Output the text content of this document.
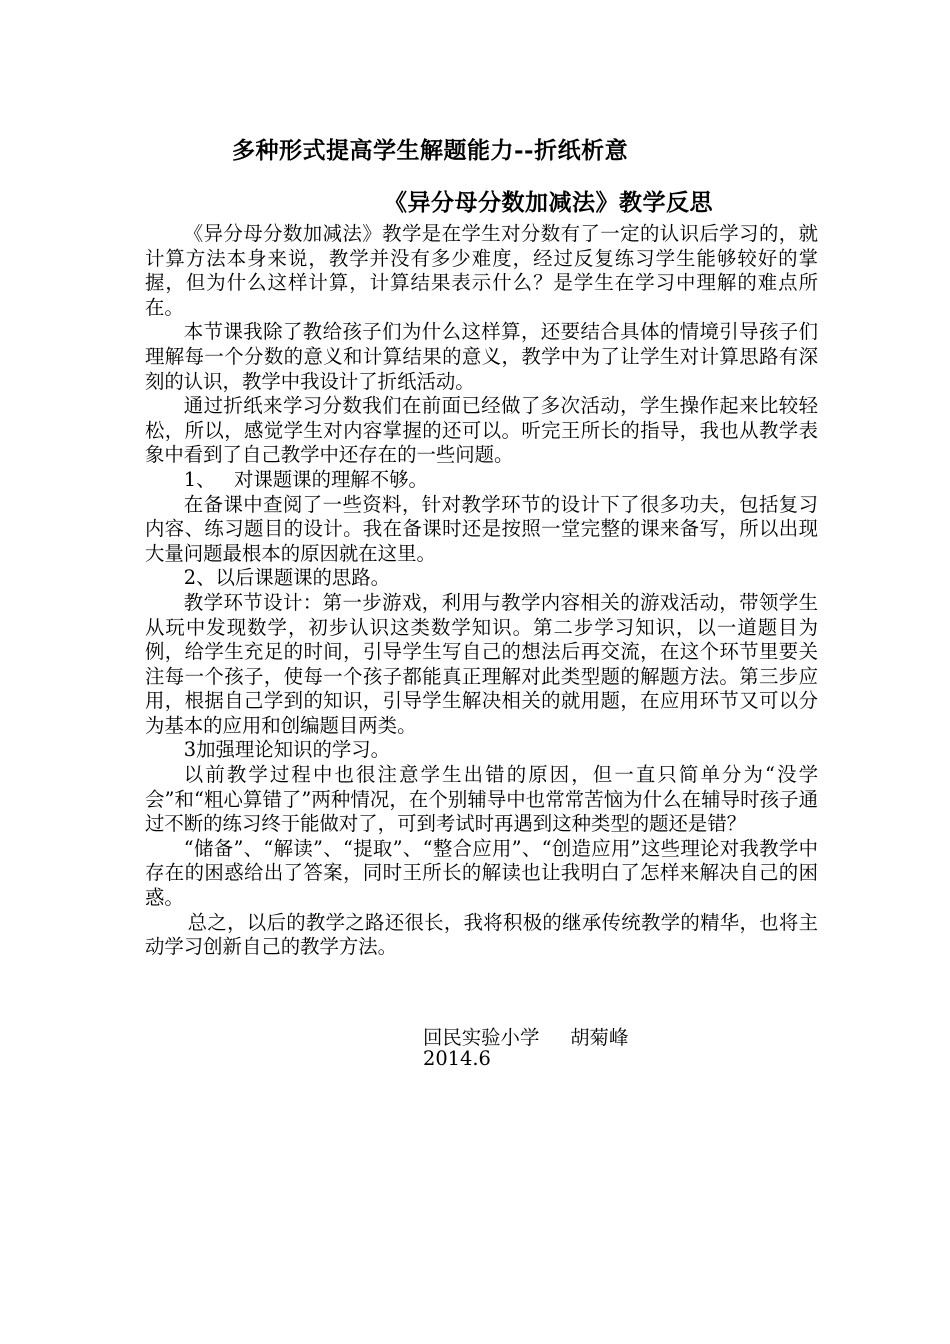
多种形式提高学生解题能力--折纸析意
《异分母分数加减法》教学反思

《异分母分数加减法》教学是在学生对分数有了一定的认识后学习的，就计算方法本身来说，教学并没有多少难度，经过反复练习学生能够较好的掌握，但为什么这样计算，计算结果表示什么？是学生在学习中理解的难点所在。

本节课我除了教给孩子们为什么这样算，还要结合具体的情境引导孩子们理解每一个分数的意义和计算结果的意义，教学中为了让学生对计算思路有深刻的认识，教学中我设计了折纸活动。

通过折纸来学习分数我们在前面已经做了多次活动，学生操作起来比较轻松，所以，感觉学生对内容掌握的还可以。听完王所长的指导，我也从教学表象中看到了自己教学中还存在的一些问题。

1、   对课题课的理解不够。

在备课中查阅了一些资料，针对教学环节的设计下了很多功夫，包括复习内容、练习题目的设计。我在备课时还是按照一堂完整的课来备写，所以出现大量问题最根本的原因就在这里。

2、以后课题课的思路。

教学环节设计：第一步游戏，利用与教学内容相关的游戏活动，带领学生从玩中发现数学，初步认识这类数学知识。第二步学习知识，以一道题目为例，给学生充足的时间，引导学生写自己的想法后再交流，在这个环节里要关注每一个孩子，使每一个孩子都能真正理解对此类型题的解题方法。第三步应用，根据自己学到的知识，引导学生解决相关的就用题，在应用环节又可以分为基本的应用和创编题目两类。

3加强理论知识的学习。

以前教学过程中也很注意学生出错的原因，但一直只简单分为“没学会”和“粗心算错了”两种情况，在个别辅导中也常常苦恼为什么在辅导时孩子通过不断的练习终于能做对了，可到考试时再遇到这种类型的题还是错？

“储备”、“解读”、“提取”、“整合应用”、“创造应用”这些理论对我教学中存在的困惑给出了答案，同时王所长的解读也让我明白了怎样来解决自己的困惑。

总之，以后的教学之路还很长，我将积极的继承传统教学的精华，也将主动学习创新自己的教学方法。

回民实验小学 胡菊峰
2014.6
